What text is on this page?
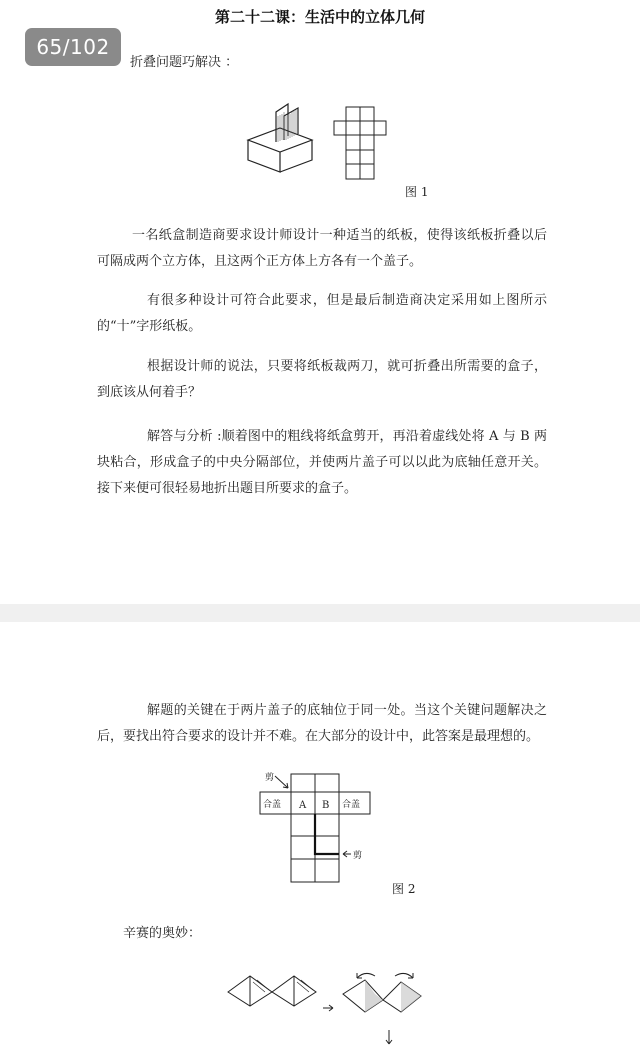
第二十二课：生活中的立体几何
65/102
折叠问题巧解决 ：
图 1

一名纸盒制造商要求设计师设计一种适当的纸板，使得该纸板折叠以后可隔成两个立方体，且这两个正方体上方各有一个盖子。

有很多种设计可符合此要求，但是最后制造商决定采用如上图所示的“十”字形纸板。

根据设计师的说法，只要将纸板裁两刀，就可折叠出所需要的盒子，到底该从何着手？

解答与分析 :顺着图中的粗线将纸盒剪开，再沿着虚线处将 A 与 B 两块粘合，形成盒子的中央分隔部位，并使两片盖子可以以此为底轴任意开关。接下来便可很轻易地折出题目所要求的盒子。

解题的关键在于两片盖子的底轴位于同一处。当这个关键问题解决之后，要找出符合要求的设计并不难。在大部分的设计中，此答案是最理想的。

剪
剪
合盖	合盖
A B
图 2
辛赛的奥妙：
